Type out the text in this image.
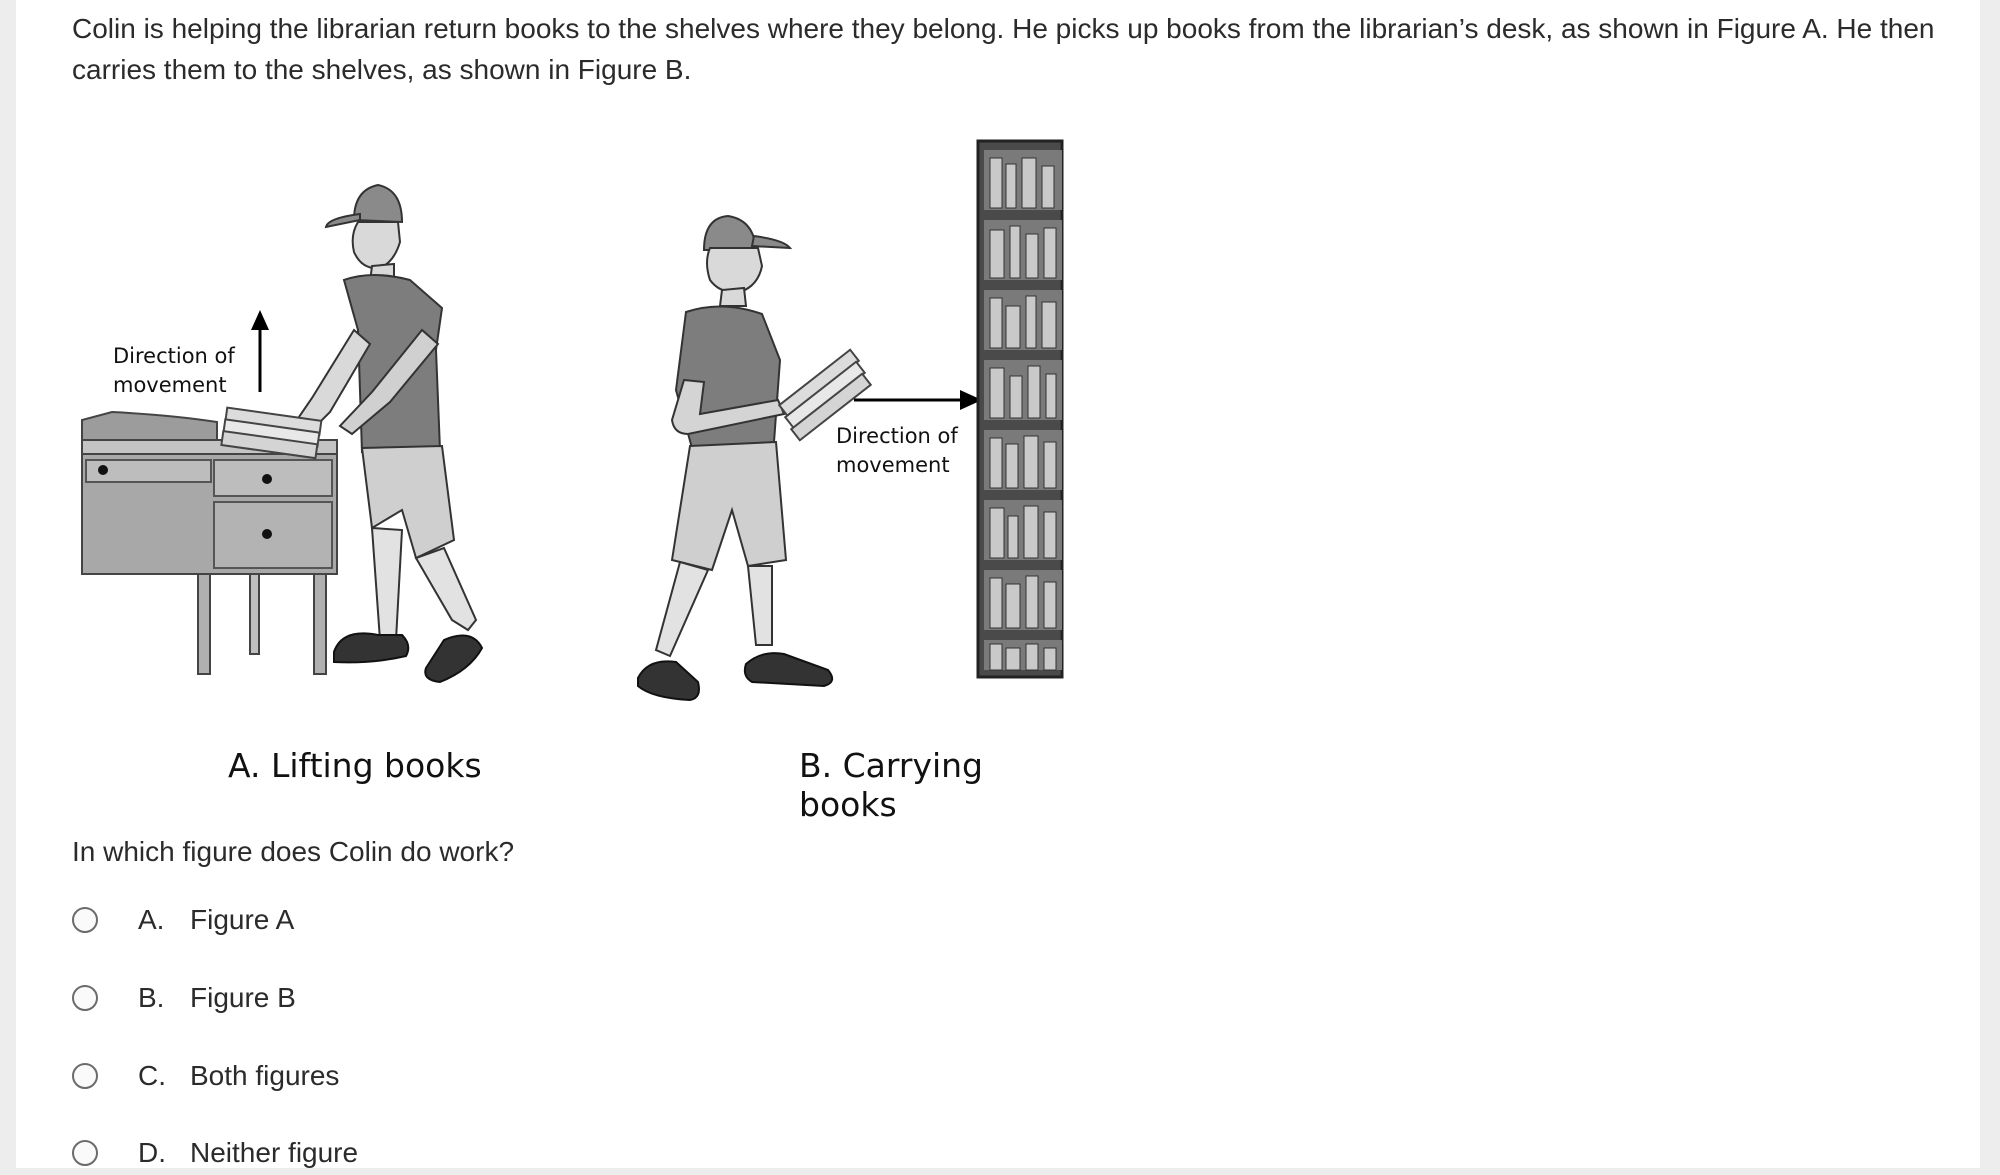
Colin is helping the librarian return books to the shelves where they belong. He picks up books from the librarian’s desk, as shown in Figure A. He then carries them to the shelves, as shown in Figure B.

Direction of
movement
Direction of
movement
A. Lifting books	B. Carrying books

In which figure does Colin do work?

A. Figure A
B. Figure B
C. Both figures
D. Neither figure
